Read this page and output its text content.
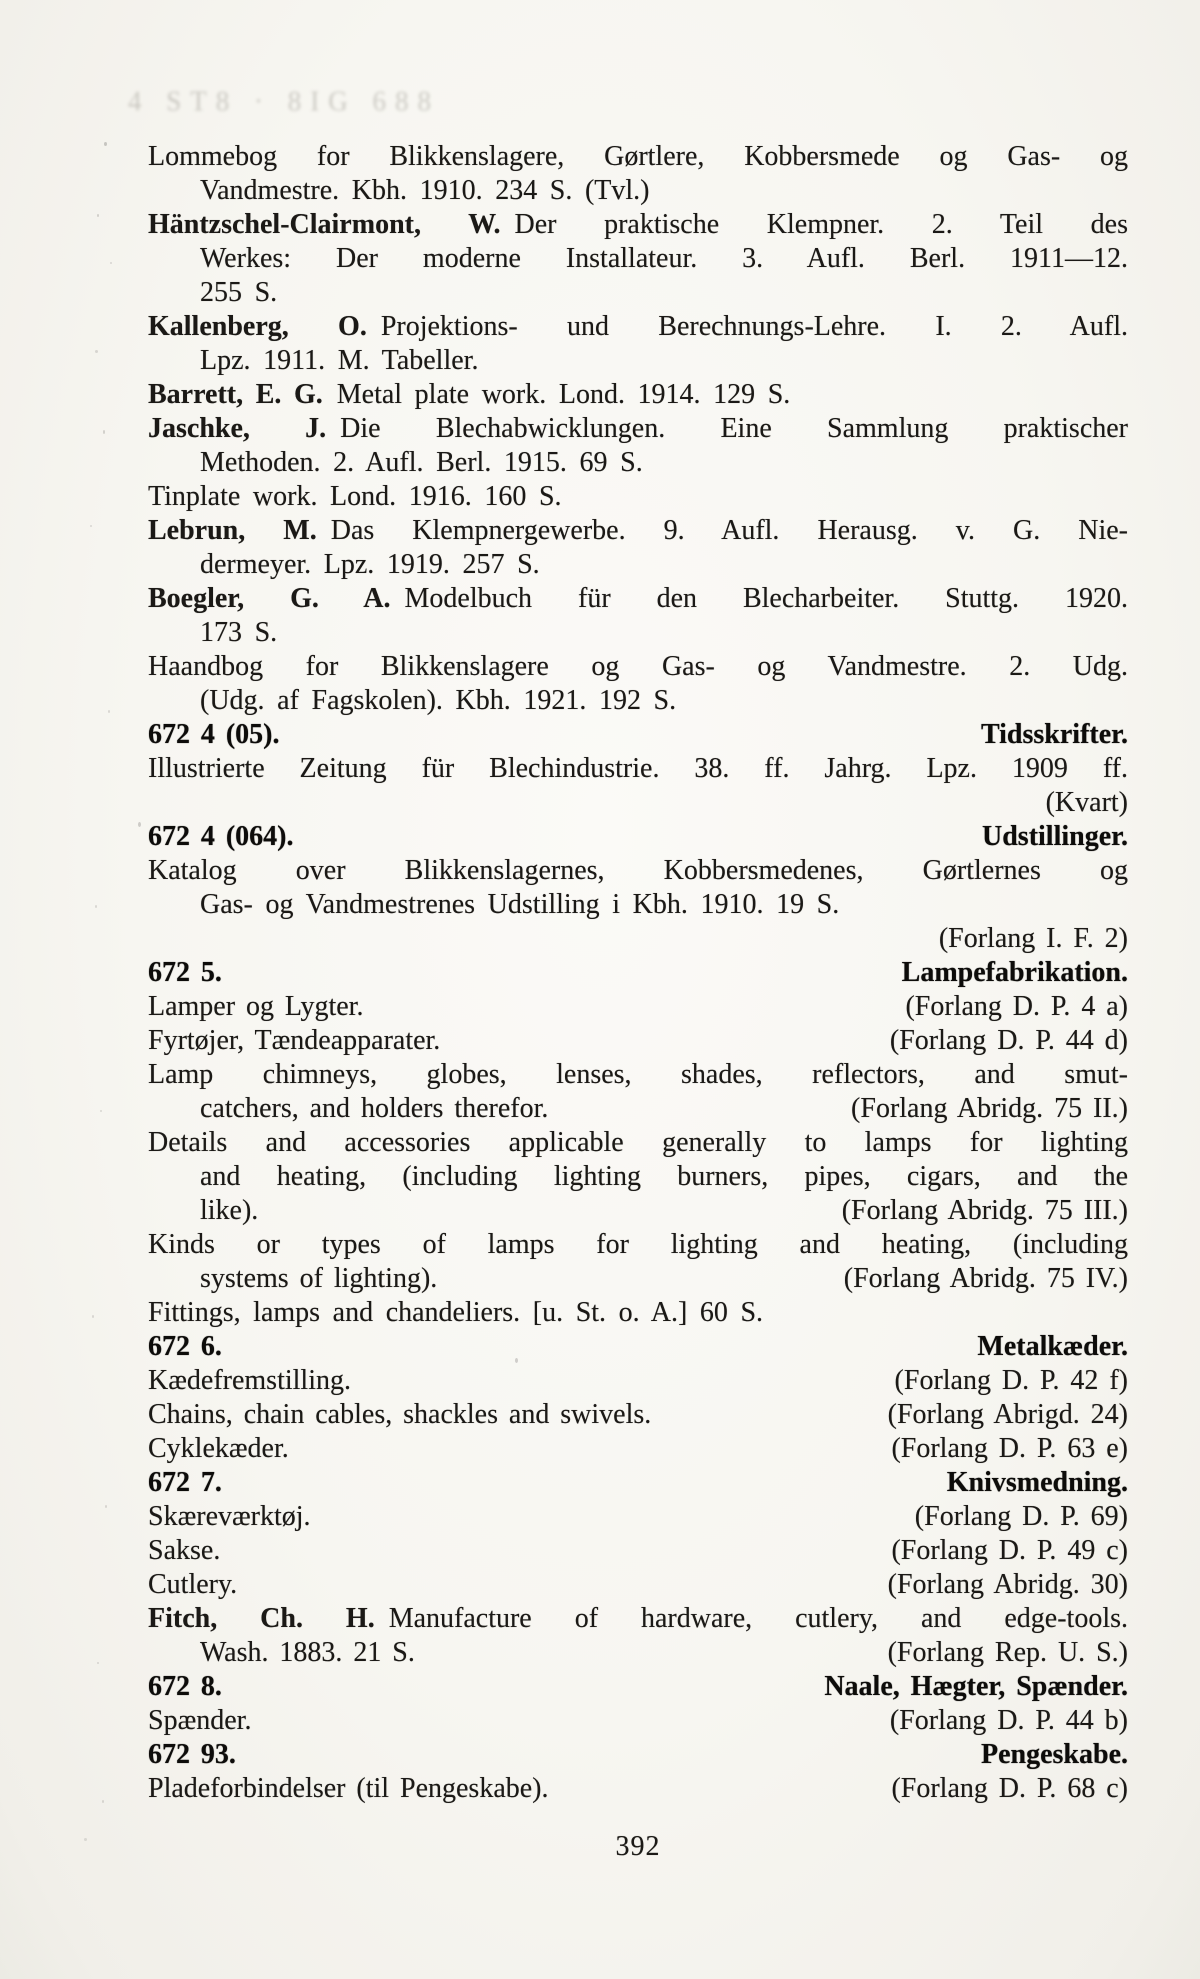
4 ST8 · 8IG 688
Lommebog for Blikkenslagere, Gørtlere, Kobbersmede og Gas- og
Vandmestre. Kbh. 1910. 234 S. (Tvl.)
Häntzschel-Clairmont, W. Der praktische Klempner. 2. Teil des
Werkes: Der moderne Installateur. 3. Aufl. Berl. 1911—12.
255 S.
Kallenberg, O. Projektions- und Berechnungs-Lehre. I. 2. Aufl.
Lpz. 1911. M. Tabeller.
Barrett, E. G. Metal plate work. Lond. 1914. 129 S.
Jaschke, J. Die Blechabwicklungen. Eine Sammlung praktischer
Methoden. 2. Aufl. Berl. 1915. 69 S.
Tinplate work. Lond. 1916. 160 S.
Lebrun, M. Das Klempnergewerbe. 9. Aufl. Herausg. v. G. Nie-
dermeyer. Lpz. 1919. 257 S.
Boegler, G. A. Modelbuch für den Blecharbeiter. Stuttg. 1920.
173 S.
Haandbog for Blikkenslagere og Gas- og Vandmestre. 2. Udg.
(Udg. af Fagskolen). Kbh. 1921. 192 S.
672 4 (05).	Tidsskrifter.
Illustrierte Zeitung für Blechindustrie. 38. ff. Jahrg. Lpz. 1909 ff.
(Kvart)
672 4 (064).	Udstillinger.
Katalog over Blikkenslagernes, Kobbersmedenes, Gørtlernes og
Gas- og Vandmestrenes Udstilling i Kbh. 1910. 19 S.
(Forlang I. F. 2)
672 5.	Lampefabrikation.
Lamper og Lygter.	(Forlang D. P. 4 a)
Fyrtøjer, Tændeapparater.	(Forlang D. P. 44 d)
Lamp chimneys, globes, lenses, shades, reflectors, and smut-
catchers, and holders therefor.	(Forlang Abridg. 75 II.)
Details and accessories applicable generally to lamps for lighting
and heating, (including lighting burners, pipes, cigars, and the
like).	(Forlang Abridg. 75 III.)
Kinds or types of lamps for lighting and heating, (including
systems of lighting).	(Forlang Abridg. 75 IV.)
Fittings, lamps and chandeliers. [u. St. o. A.] 60 S.
672 6.	Metalkæder.
Kædefremstilling.	(Forlang D. P. 42 f)
Chains, chain cables, shackles and swivels.	(Forlang Abrigd. 24)
Cyklekæder.	(Forlang D. P. 63 e)
672 7.	Knivsmedning.
Skæreværktøj.	(Forlang D. P. 69)
Sakse.	(Forlang D. P. 49 c)
Cutlery.	(Forlang Abridg. 30)
Fitch, Ch. H. Manufacture of hardware, cutlery, and edge-tools.
Wash. 1883. 21 S.	(Forlang Rep. U. S.)
672 8.	Naale, Hægter, Spænder.
Spænder.	(Forlang D. P. 44 b)
672 93.	Pengeskabe.
Pladeforbindelser (til Pengeskabe).	(Forlang D. P. 68 c)
392
